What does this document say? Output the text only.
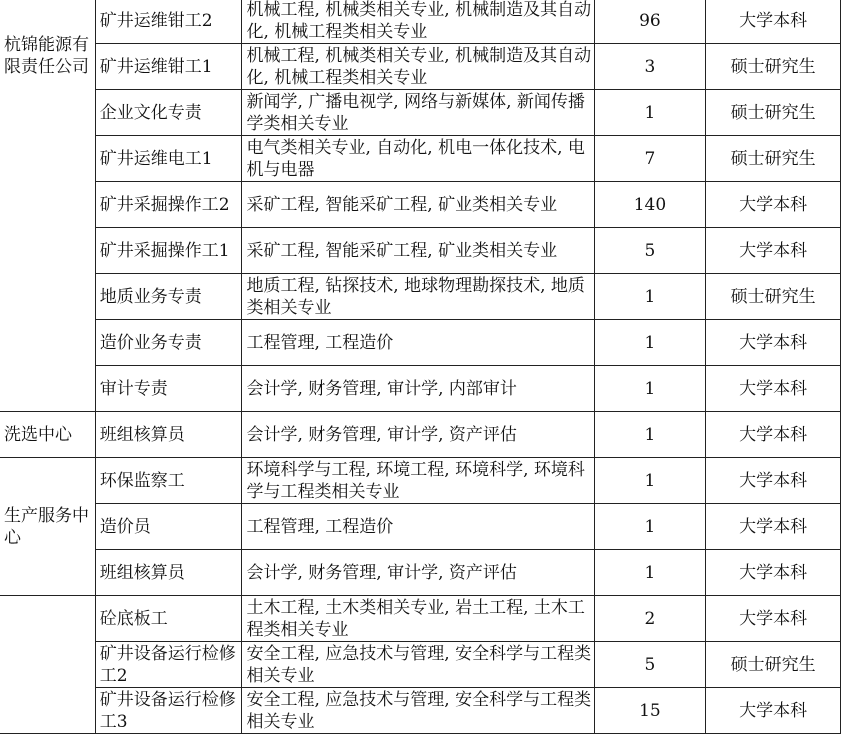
杭锦能源有限责任公司	矿井运维钳工2	机械工程, 机械类相关专业, 机械制造及其自动化, 机械工程类相关专业	96	大学本科
	矿井运维钳工1	机械工程, 机械类相关专业, 机械制造及其自动化, 机械工程类相关专业	3	硕士研究生
	企业文化专责	新闻学, 广播电视学, 网络与新媒体, 新闻传播学类相关专业	1	硕士研究生
	矿井运维电工1	电气类相关专业, 自动化, 机电一体化技术, 电机与电器	7	硕士研究生
	矿井采掘操作工2	采矿工程, 智能采矿工程, 矿业类相关专业	140	大学本科
	矿井采掘操作工1	采矿工程, 智能采矿工程, 矿业类相关专业	5	大学本科
	地质业务专责	地质工程, 钻探技术, 地球物理勘探技术, 地质类相关专业	1	硕士研究生
	造价业务专责	工程管理, 工程造价	1	大学本科
	审计专责	会计学, 财务管理, 审计学, 内部审计	1	大学本科
洗选中心	班组核算员	会计学, 财务管理, 审计学, 资产评估	1	大学本科
生产服务中心	环保监察工	环境科学与工程, 环境工程, 环境科学, 环境科学与工程类相关专业	1	大学本科
	造价员	工程管理, 工程造价	1	大学本科
	班组核算员	会计学, 财务管理, 审计学, 资产评估	1	大学本科
	砼底板工	土木工程, 土木类相关专业, 岩土工程, 土木工程类相关专业	2	大学本科
	矿井设备运行检修工2	安全工程, 应急技术与管理, 安全科学与工程类相关专业	5	硕士研究生
	矿井设备运行检修工3	安全工程, 应急技术与管理, 安全科学与工程类相关专业	15	大学本科
